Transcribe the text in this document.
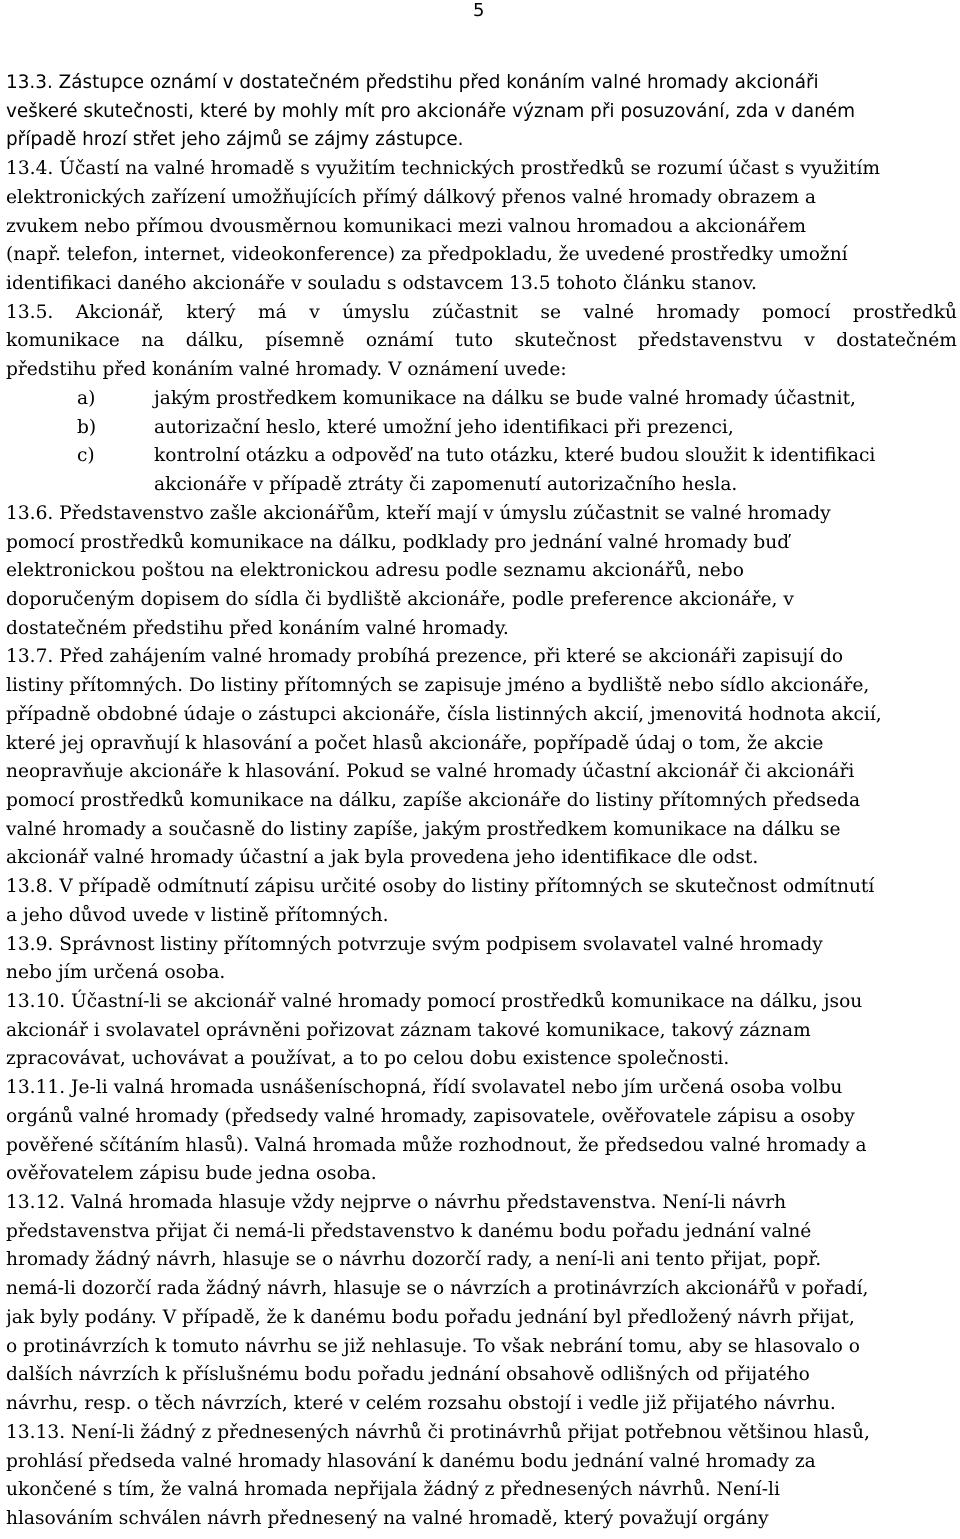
5
13.3. Zástupce oznámí v dostatečném předstihu před konáním valné hromady akcionáři
veškeré skutečnosti, které by mohly mít pro akcionáře význam při posuzování, zda v daném
případě hrozí střet jeho zájmů se zájmy zástupce.
13.4. Účastí na valné hromadě s využitím technických prostředků se rozumí účast s využitím
elektronických zařízení umožňujících přímý dálkový přenos valné hromady obrazem a
zvukem nebo přímou dvousměrnou komunikaci mezi valnou hromadou a akcionářem
(např. telefon, internet, videokonference) za předpokladu, že uvedené prostředky umožní
identifikaci daného akcionáře v souladu s odstavcem 13.5 tohoto článku stanov.
13.5. Akcionář, který má v úmyslu zúčastnit se valné hromady pomocí prostředků
komunikace na dálku, písemně oznámí tuto skutečnost představenstvu v dostatečném
předstihu před konáním valné hromady. V oznámení uvede:
a)	jakým prostředkem komunikace na dálku se bude valné hromady účastnit,
b)	autorizační heslo, které umožní jeho identifikaci při prezenci,
c)	kontrolní otázku a odpověď na tuto otázku, které budou sloužit k identifikaci
akcionáře v případě ztráty či zapomenutí autorizačního hesla.
13.6. Představenstvo zašle akcionářům, kteří mají v úmyslu zúčastnit se valné hromady
pomocí prostředků komunikace na dálku, podklady pro jednání valné hromady buď
elektronickou poštou na elektronickou adresu podle seznamu akcionářů, nebo
doporučeným dopisem do sídla či bydliště akcionáře, podle preference akcionáře, v
dostatečném předstihu před konáním valné hromady.
13.7. Před zahájením valné hromady probíhá prezence, při které se akcionáři zapisují do
listiny přítomných. Do listiny přítomných se zapisuje jméno a bydliště nebo sídlo akcionáře,
případně obdobné údaje o zástupci akcionáře, čísla listinných akcií, jmenovitá hodnota akcií,
které jej opravňují k hlasování a počet hlasů akcionáře, popřípadě údaj o tom, že akcie
neopravňuje akcionáře k hlasování. Pokud se valné hromady účastní akcionář či akcionáři
pomocí prostředků komunikace na dálku, zapíše akcionáře do listiny přítomných předseda
valné hromady a současně do listiny zapíše, jakým prostředkem komunikace na dálku se
akcionář valné hromady účastní a jak byla provedena jeho identifikace dle odst.
13.8. V případě odmítnutí zápisu určité osoby do listiny přítomných se skutečnost odmítnutí
a jeho důvod uvede v listině přítomných.
13.9. Správnost listiny přítomných potvrzuje svým podpisem svolavatel valné hromady
nebo jím určená osoba.
13.10. Účastní-li se akcionář valné hromady pomocí prostředků komunikace na dálku, jsou
akcionář i svolavatel oprávněni pořizovat záznam takové komunikace, takový záznam
zpracovávat, uchovávat a používat, a to po celou dobu existence společnosti.
13.11. Je-li valná hromada usnášeníschopná, řídí svolavatel nebo jím určená osoba volbu
orgánů valné hromady (předsedy valné hromady, zapisovatele, ověřovatele zápisu a osoby
pověřené sčítáním hlasů). Valná hromada může rozhodnout, že předsedou valné hromady a
ověřovatelem zápisu bude jedna osoba.
13.12. Valná hromada hlasuje vždy nejprve o návrhu představenstva. Není-li návrh
představenstva přijat či nemá-li představenstvo k danému bodu pořadu jednání valné
hromady žádný návrh, hlasuje se o návrhu dozorčí rady, a není-li ani tento přijat, popř.
nemá-li dozorčí rada žádný návrh, hlasuje se o návrzích a protinávrzích akcionářů v pořadí,
jak byly podány. V případě, že k danému bodu pořadu jednání byl předložený návrh přijat,
o protinávrzích k tomuto návrhu se již nehlasuje. To však nebrání tomu, aby se hlasovalo o
dalších návrzích k příslušnému bodu pořadu jednání obsahově odlišných od přijatého
návrhu, resp. o těch návrzích, které v celém rozsahu obstojí i vedle již přijatého návrhu.
13.13. Není-li žádný z přednesených návrhů či protinávrhů přijat potřebnou většinou hlasů,
prohlásí předseda valné hromady hlasování k danému bodu jednání valné hromady za
ukončené s tím, že valná hromada nepřijala žádný z přednesených návrhů. Není-li
hlasováním schválen návrh přednesený na valné hromadě, který považují orgány
